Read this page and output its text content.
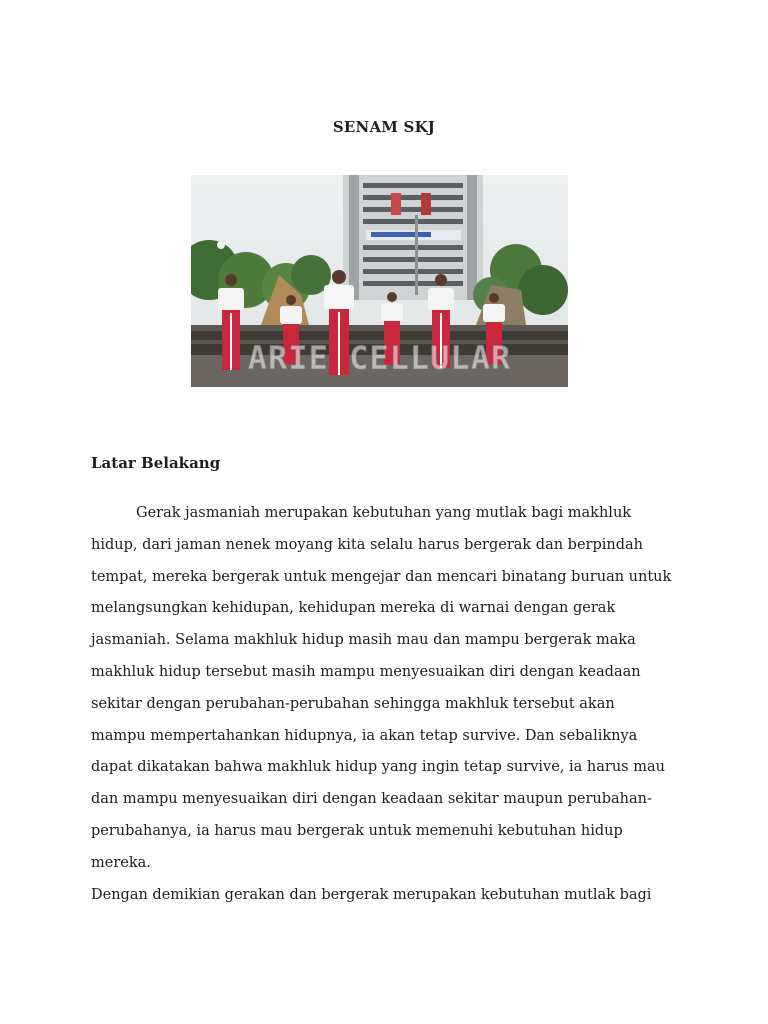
SENAM SKJ
ARIE CELLULAR
Latar Belakang
Gerak jasmaniah merupakan kebutuhan yang mutlak bagi makhluk
hidup, dari jaman nenek moyang kita selalu harus bergerak dan berpindah
tempat, mereka bergerak untuk mengejar dan mencari binatang buruan untuk
melangsungkan kehidupan, kehidupan mereka di warnai dengan gerak
jasmaniah. Selama makhluk hidup masih mau dan mampu bergerak maka
makhluk hidup tersebut masih mampu menyesuaikan diri dengan keadaan
sekitar dengan perubahan-perubahan sehingga makhluk tersebut akan
mampu mempertahankan hidupnya, ia akan tetap survive. Dan sebaliknya
dapat dikatakan bahwa makhluk hidup yang ingin tetap survive, ia harus mau
dan mampu menyesuaikan diri dengan keadaan sekitar maupun perubahan-
perubahanya, ia harus mau bergerak untuk memenuhi kebutuhan hidup
mereka.
Dengan demikian gerakan dan bergerak merupakan kebutuhan mutlak bagi
